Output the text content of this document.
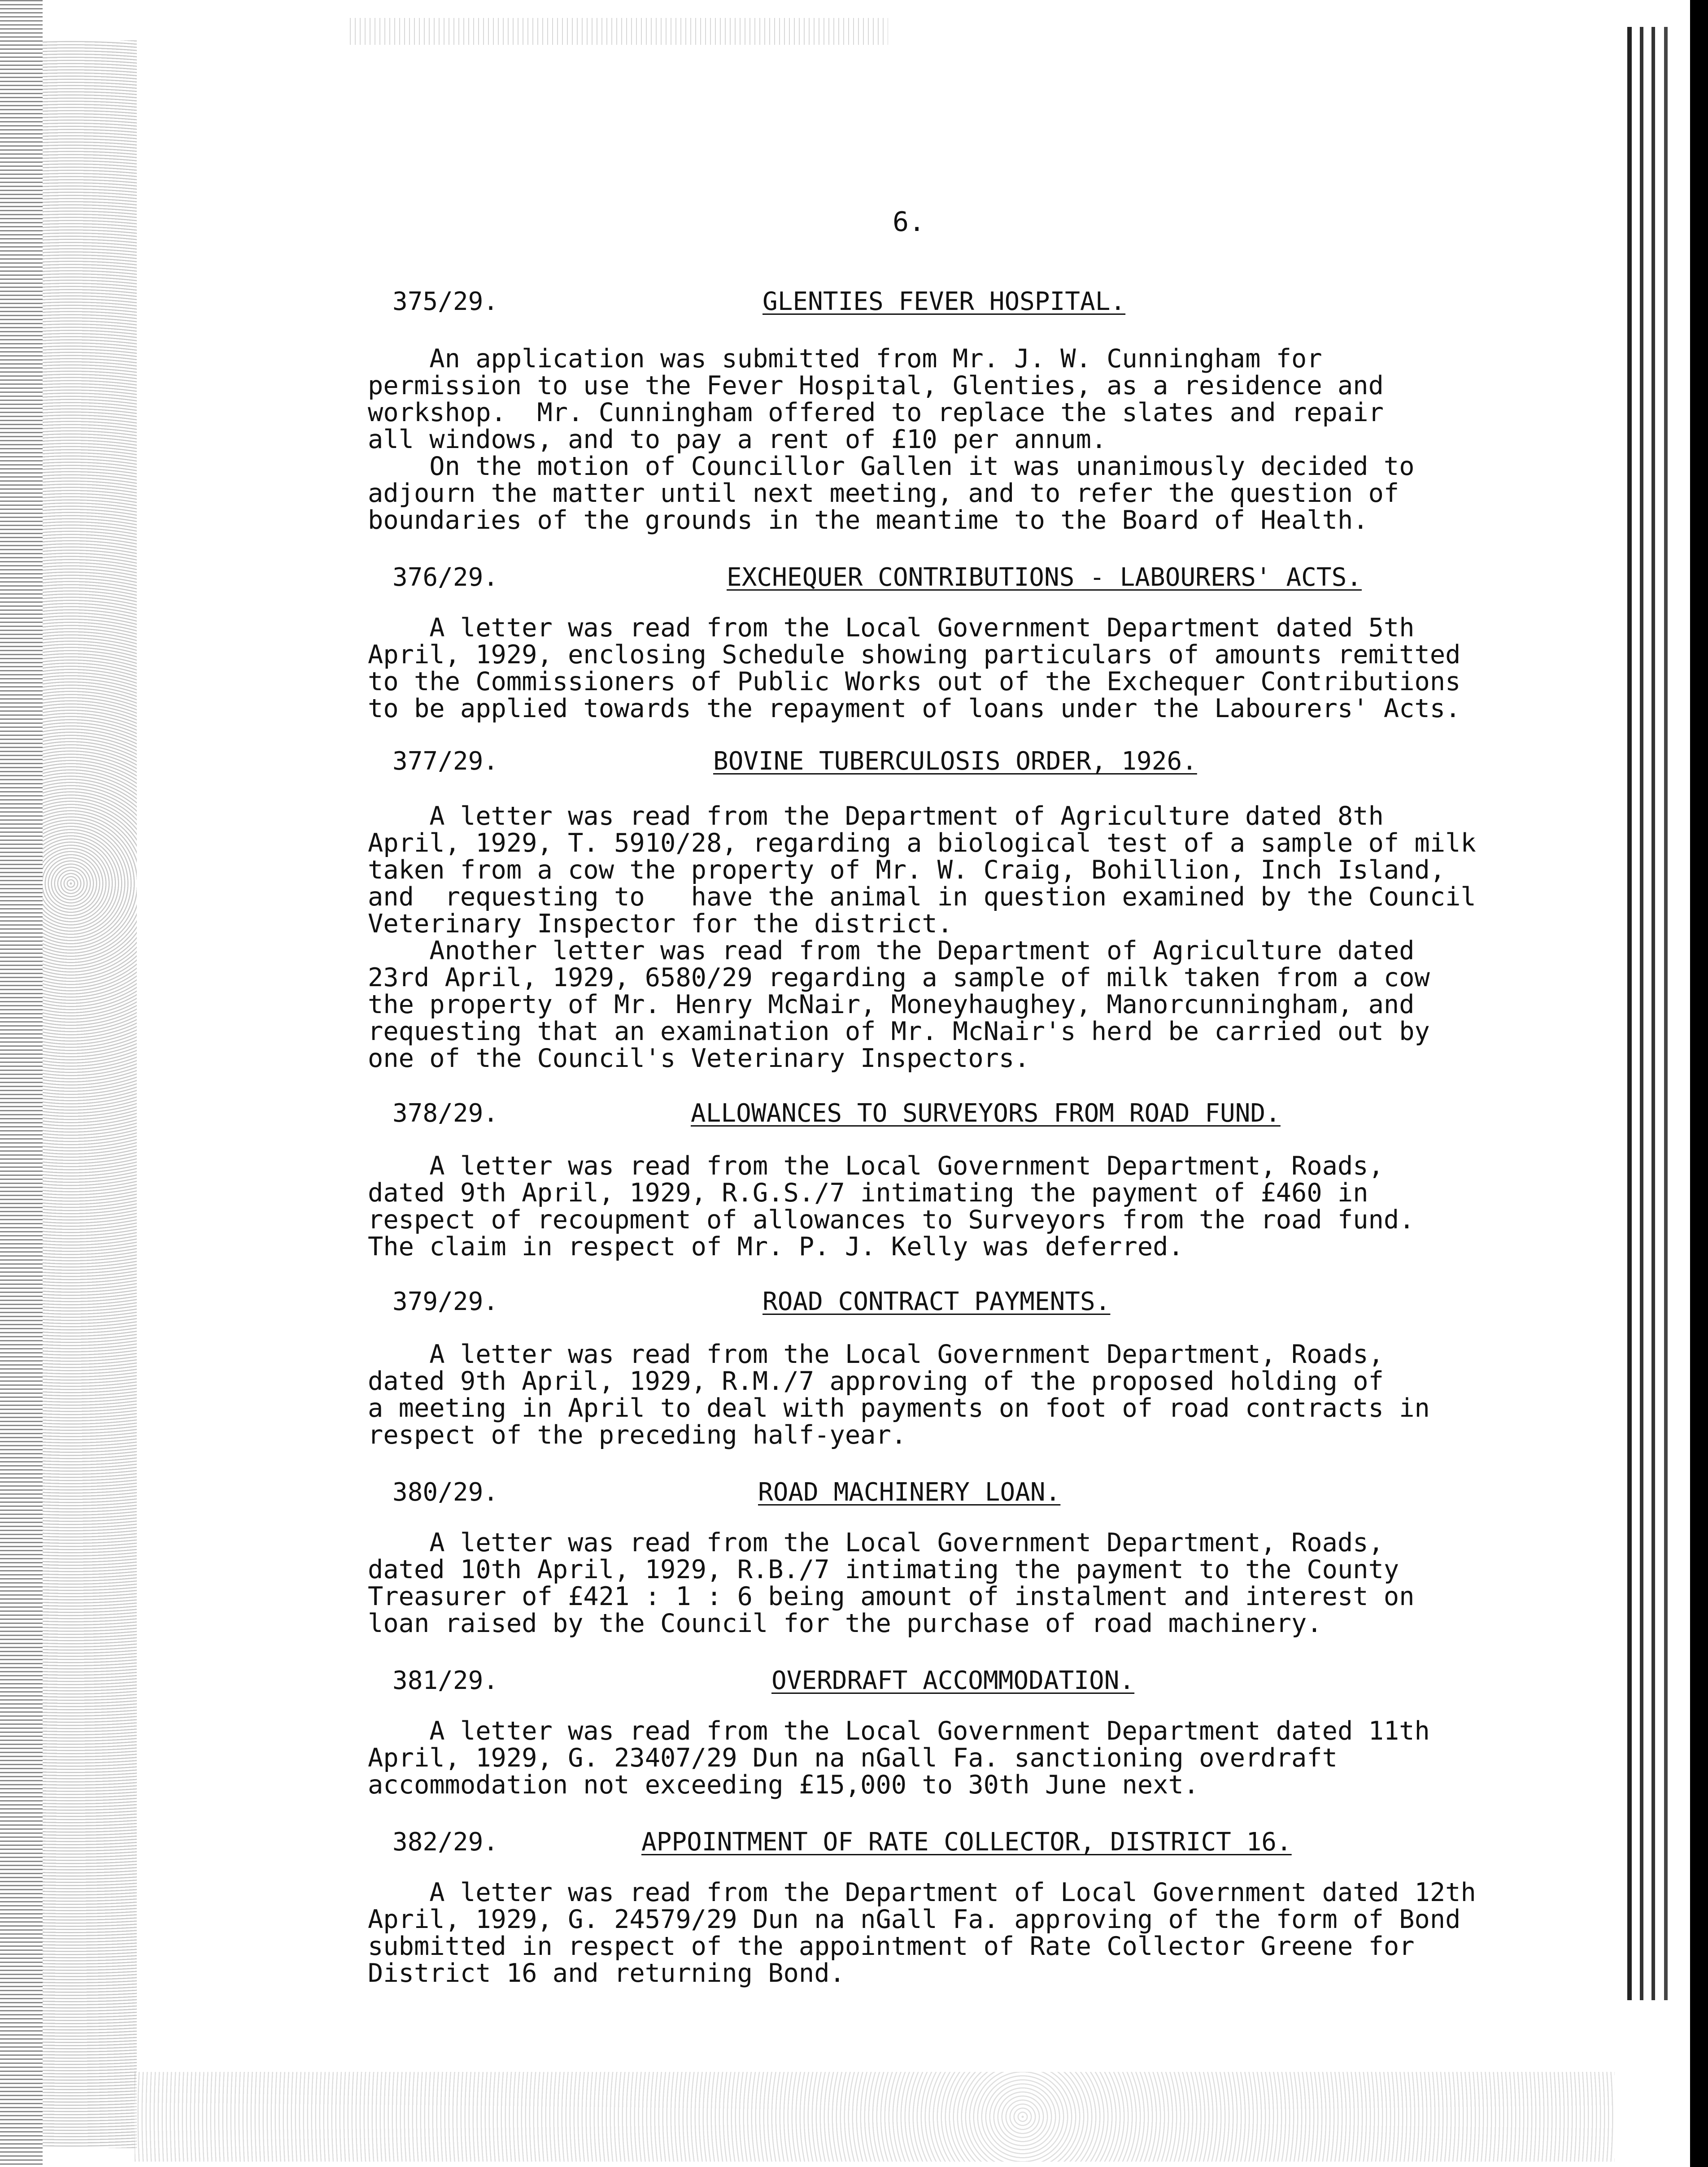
6.
375/29.	GLENTIES FEVER HOSPITAL.
An application was submitted from Mr. J. W. Cunningham for
permission to use the Fever Hospital, Glenties, as a residence and
workshop.  Mr. Cunningham offered to replace the slates and repair
all windows, and to pay a rent of £10 per annum.
On the motion of Councillor Gallen it was unanimously decided to
adjourn the matter until next meeting, and to refer the question of
boundaries of the grounds in the meantime to the Board of Health.
376/29.	EXCHEQUER CONTRIBUTIONS - LABOURERS' ACTS.
A letter was read from the Local Government Department dated 5th
April, 1929, enclosing Schedule showing particulars of amounts remitted
to the Commissioners of Public Works out of the Exchequer Contributions
to be applied towards the repayment of loans under the Labourers' Acts.
377/29.	BOVINE TUBERCULOSIS ORDER, 1926.
A letter was read from the Department of Agriculture dated 8th
April, 1929, T. 5910/28, regarding a biological test of a sample of milk
taken from a cow the property of Mr. W. Craig, Bohillion, Inch Island,
and  requesting to   have the animal in question examined by the Council
Veterinary Inspector for the district.
Another letter was read from the Department of Agriculture dated
23rd April, 1929, 6580/29 regarding a sample of milk taken from a cow
the property of Mr. Henry McNair, Moneyhaughey, Manorcunningham, and
requesting that an examination of Mr. McNair's herd be carried out by
one of the Council's Veterinary Inspectors.
378/29.	ALLOWANCES TO SURVEYORS FROM ROAD FUND.
A letter was read from the Local Government Department, Roads,
dated 9th April, 1929, R.G.S./7 intimating the payment of £460 in
respect of recoupment of allowances to Surveyors from the road fund.
The claim in respect of Mr. P. J. Kelly was deferred.
379/29.	ROAD CONTRACT PAYMENTS.
A letter was read from the Local Government Department, Roads,
dated 9th April, 1929, R.M./7 approving of the proposed holding of
a meeting in April to deal with payments on foot of road contracts in
respect of the preceding half-year.
380/29.	ROAD MACHINERY LOAN.
A letter was read from the Local Government Department, Roads,
dated 10th April, 1929, R.B./7 intimating the payment to the County
Treasurer of £421 : 1 : 6 being amount of instalment and interest on
loan raised by the Council for the purchase of road machinery.
381/29.	OVERDRAFT ACCOMMODATION.
A letter was read from the Local Government Department dated 11th
April, 1929, G. 23407/29 Dun na nGall Fa. sanctioning overdraft
accommodation not exceeding £15,000 to 30th June next.
382/29.	APPOINTMENT OF RATE COLLECTOR, DISTRICT 16.
A letter was read from the Department of Local Government dated 12th
April, 1929, G. 24579/29 Dun na nGall Fa. approving of the form of Bond
submitted in respect of the appointment of Rate Collector Greene for
District 16 and returning Bond.
